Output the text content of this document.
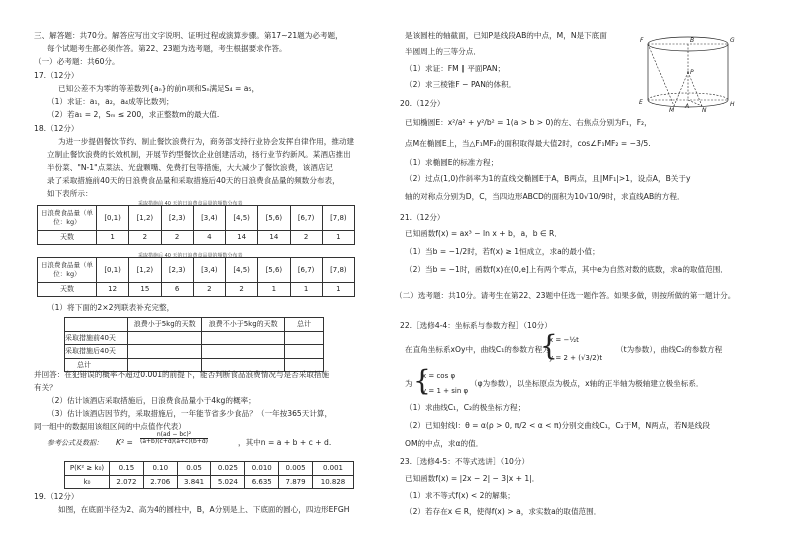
三、解答题：共70分。解答应写出文字说明、证明过程或演算步骤。第17~21题为必考题，
每个试题考生都必须作答。第22、23题为选考题，考生根据要求作答。
（一）必考题：共60分。
17.（12分）
已知公差不为零的等差数列{aₙ}的前n项和Sₙ满足S₄ = a₅，
（1）求证：a₁，a₂，a₄成等比数列；
（2）若a₁ = 2，Sₘ ≤ 200，求正整数m的最大值.
18.（12分）
为进一步提倡餐饮节约、制止餐饮浪费行为，商务部支持行业协会发挥自律作用，推动建
立制止餐饮浪费的长效机制，开展节约型餐饮企业创建活动，扬行业节约新风。某酒店推出
半份菜、"N-1"点菜法、光盘颗嘴、免费打包等措施，大大减少了餐饮浪费，该酒店记
录了采取措施前40天的日浪费食品量和采取措施后40天的日浪费食品量的频数分布表，
如下表所示：
采取措施前 40 天的日浪费食品量的频数分布表
日浪费食品量（单位：kg）	[0,1)	[1,2)	[2,3)	[3,4)	[4,5)	[5,6)	[6,7)	[7,8)
天数	1	2	2	4	14	14	2	1
采取措施后 40 天的日浪费食品量的频数分布表
日浪费食品量（单位：kg）	[0,1)	[1,2)	[2,3)	[3,4)	[4,5)	[5,6)	[6,7)	[7,8)
天数	12	15	6	2	2	1	1	1
（1）将下面的2×2列联表补充完整，
	浪费小于5kg的天数	浪费不小于5kg的天数	总计
采取措施前40天			
采取措施后40天			
总计			
并回答：在犯错误的概率不超过0.001的前提下，能否判断食品浪费情况与是否采取措施
有关？
（2）估计该酒店采取措施后，日浪费食品量小于4kg的概率；
（3）估计该酒店因节约，采取措施后，一年能节省多少食品？（一年按365天计算，
同一组中的数据用该组区间的中点值作代表）
参考公式及数据： $K^2 = \frac{\text{n(ad − bc)²}}{(a+b)(c+d)(a+c)(b+d)}$	，其中n = a + b + c + d.
P(K² ≥ k₀)	0.15	0.10	0.05	0.025	0.010	0.005	0.001
k₀	2.072	2.706	3.841	5.024	6.635	7.879	10.828
19.（12分）
如图，在底面半径为2、高为4的圆柱中，B，A分别是上、下底面的圆心，四边形EFGH
是该圆柱的轴截面，已知P是线段AB的中点，M，N是下底面
半圆周上的三等分点．
（1）求证：FM ∥ 平面PAN；
（2）求三棱锥F − PAN的体积．
F	G
P
B
E
M
A
N
H
20.（12分）
已知椭圆E：x²/a² + y²/b² = 1(a > b > 0)的左、右焦点分别为F₁，F₂，
点M在椭圆E上，当△F₁MF₂的面积取得最大值2时，cos∠F₁MF₂ = −3/5.
（1）求椭圆E的标准方程；
（2）过点(1,0)作斜率为1的直线交椭圆E于A，B两点，且|MF₁|>1，设点A，B关于y
轴的对称点分别为D，C，当四边形ABCD的面积为10√10/9时，求直线AB的方程．
21.（12分）
已知函数f(x) = ax³ − ln x + b，a，b ∈ R．
（1）当b = −1/2时，若f(x) ≥ 1恒成立，求a的最小值；
（2）当b = −1时，函数f(x)在(0,e]上有两个零点，其中e为自然对数的底数，求a的取值范围．
（二）选考题：共10分。请考生在第22、23题中任选一题作答。如果多做，则按所做的第一题计分。
22.［选修4-4：坐标系与参数方程］（10分）
在直角坐标系xOy中，曲线C₁的参数方程为
{
x = −½t
y = 2 + (√3/2)t
（t为参数），曲线C₂的参数方程
为 {
x = cos φ
y = 1 + sin φ
（φ为参数），以坐标原点为极点，x轴的正半轴为极轴建立极坐标系．
（1）求曲线C₁，C₂的极坐标方程；
（2）已知射线l：θ = α(ρ > 0, π/2 < α < π)分别交曲线C₁，C₂于M，N两点，若N是线段
OM的中点，求α的值．
23.［选修4-5：不等式选讲］（10分）
已知函数f(x) = |2x − 2| − 3|x + 1|．
（1）求不等式f(x) < 2的解集；
（2）若存在x ∈ R，使得f(x) > a，求实数a的取值范围．
